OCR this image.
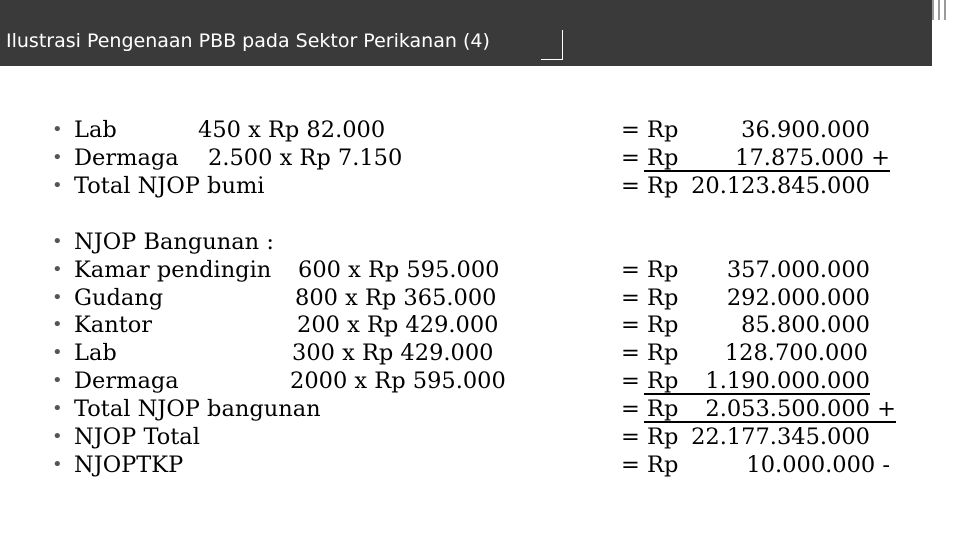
Ilustrasi Pengenaan PBB pada Sektor Perikanan (4)
• Lab	450 x Rp 82.000	= Rp	36.900.000
• Dermaga 2.500 x Rp 7.150	= Rp	17.875.000 +
• Total NJOP bumi	= Rp 20.123.845.000
• NJOP Bangunan :
• Kamar pendingin 600 x Rp 595.000	= Rp 357.000.000
• Gudang	800 x Rp 365.000	= Rp 292.000.000
• Kantor	200 x Rp 429.000	= Rp	85.800.000
• Lab	300 x Rp 429.000	= Rp 128.700.000
• Dermaga	2000 x Rp 595.000	= Rp 1.190.000.000
• Total NJOP bangunan	= Rp 2.053.500.000 +
• NJOP Total	= Rp 22.177.345.000
• NJOPTKP	= Rp	10.000.000 -
